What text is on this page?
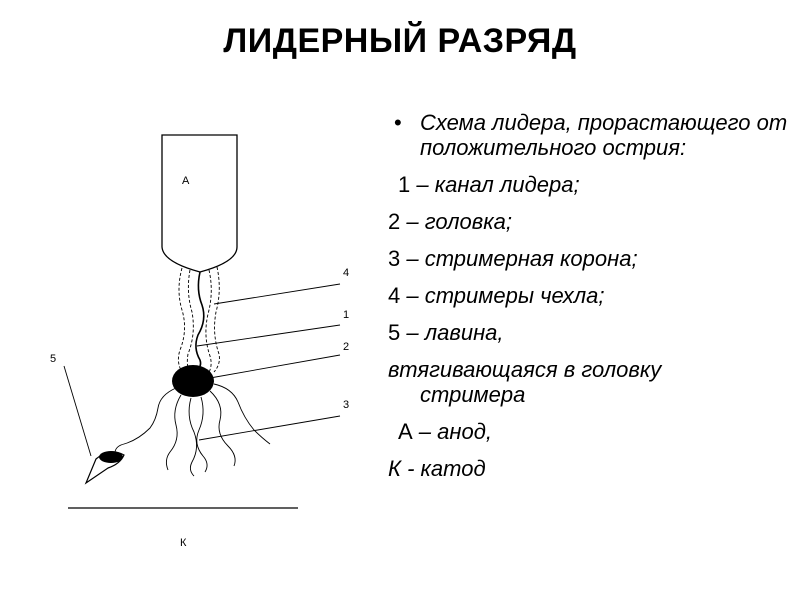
ЛИДЕРНЫЙ РАЗРЯД
А
К
4
1
2
3
5
• Схема лидера, прорастающего от положительного острия:
1 – канал лидера;
2 – головка;
3 – стримерная корона;
4 – стримеры чехла;
5 – лавина,
втягивающаяся в головку
стримера
А – анод,
К - катод
